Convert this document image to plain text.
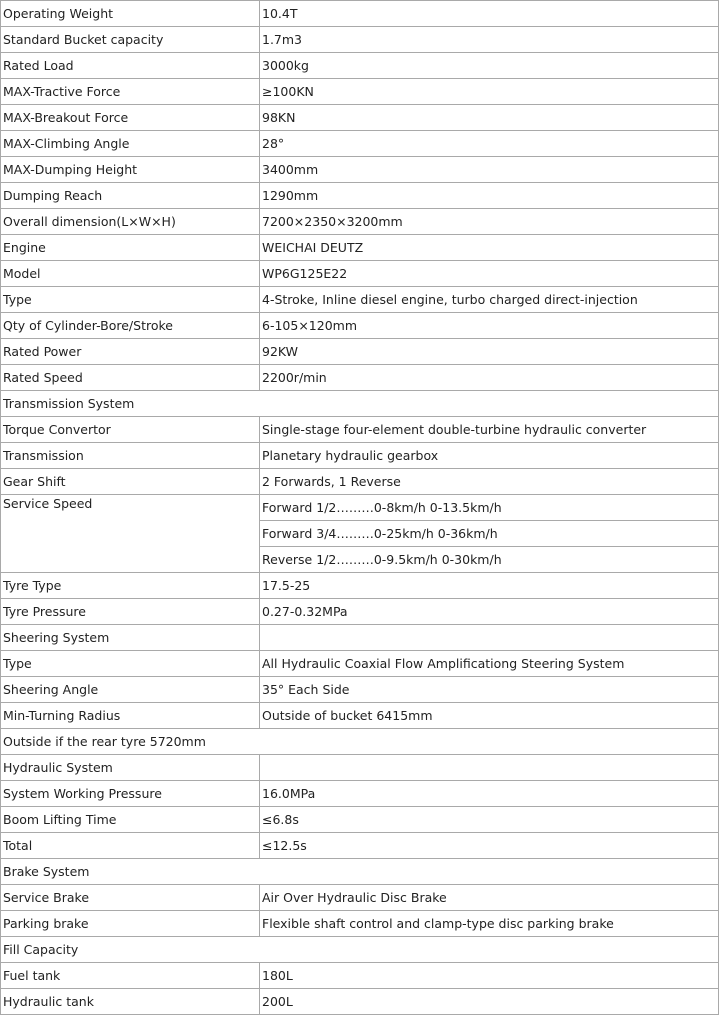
Operating Weight	10.4T
Standard Bucket capacity	1.7m3
Rated Load	3000kg
MAX-Tractive Force	≥100KN
MAX-Breakout Force	98KN
MAX-Climbing Angle	28°
MAX-Dumping Height	3400mm
Dumping Reach	1290mm
Overall dimension(L×W×H)	7200×2350×3200mm
Engine	WEICHAI DEUTZ
Model	WP6G125E22
Type	4-Stroke, Inline diesel engine, turbo charged direct-injection
Qty of Cylinder-Bore/Stroke	6-105×120mm
Rated Power	92KW
Rated Speed	2200r/min
Transmission System	
Torque Convertor	Single-stage four-element double-turbine hydraulic converter
Transmission	Planetary hydraulic gearbox
Gear Shift	2 Forwards, 1 Reverse
Service Speed	Forward 1/2………0-8km/h 0-13.5km/h
	Forward 3/4………0-25km/h 0-36km/h
	Reverse 1/2………0-9.5km/h 0-30km/h
Tyre Type	17.5-25
Tyre Pressure	0.27-0.32MPa
Sheering System	
Type	All Hydraulic Coaxial Flow Amplificationg Steering System
Sheering Angle	35° Each Side
Min-Turning Radius	Outside of bucket 6415mm
Outside if the rear tyre 5720mm	
Hydraulic System	
System Working Pressure	16.0MPa
Boom Lifting Time	≤6.8s
Total	≤12.5s
Brake System	
Service Brake	Air Over Hydraulic Disc Brake
Parking brake	Flexible shaft control and clamp-type disc parking brake
Fill Capacity	
Fuel tank	180L
Hydraulic tank	200L
